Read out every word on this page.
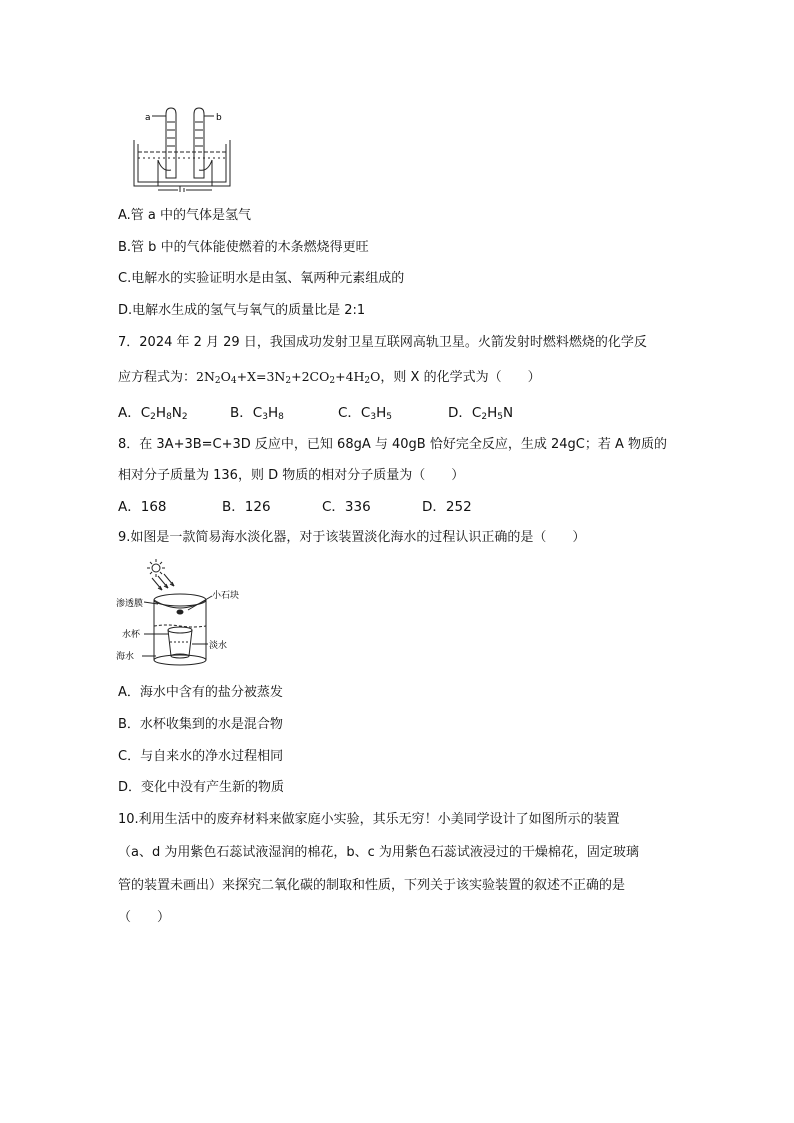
a	b
A.管 a 中的气体是氢气
B.管 b 中的气体能使燃着的木条燃烧得更旺
C.电解水的实验证明水是由氢、氧两种元素组成的
D.电解水生成的氢气与氧气的质量比是 2:1
7．2024 年 2 月 29 日，我国成功发射卫星互联网高轨卫星。火箭发射时燃料燃烧的化学反
应方程式为：$2N_2O_4+X=3N_2+2CO_2+4H_2O$，则 X 的化学式为（　　）
A．$C_2H_8N_2$	B．$C_3H_8$	C．$C_3H_5$	D．$C_2H_5N$
8．在 3A+3B=C+3D 反应中，已知 68gA 与 40gB 恰好完全反应，生成 24gC；若 A 物质的
相对分子质量为 136，则 D 物质的相对分子质量为（　　）
A．168	B．126	C．336	D．252
9.如图是一款简易海水淡化器，对于该装置淡化海水的过程认识正确的是（　　）
小石块
渗透膜
水杯
淡水
海水
A．海水中含有的盐分被蒸发
B．水杯收集到的水是混合物
C．与自来水的净水过程相同
D．变化中没有产生新的物质
10.利用生活中的废弃材料来做家庭小实验，其乐无穷！小美同学设计了如图所示的装置
（a、d 为用紫色石蕊试液湿润的棉花，b、c 为用紫色石蕊试液浸过的干燥棉花，固定玻璃
管的装置未画出）来探究二氧化碳的制取和性质，下列关于该实验装置的叙述不正确的是
（　　）
